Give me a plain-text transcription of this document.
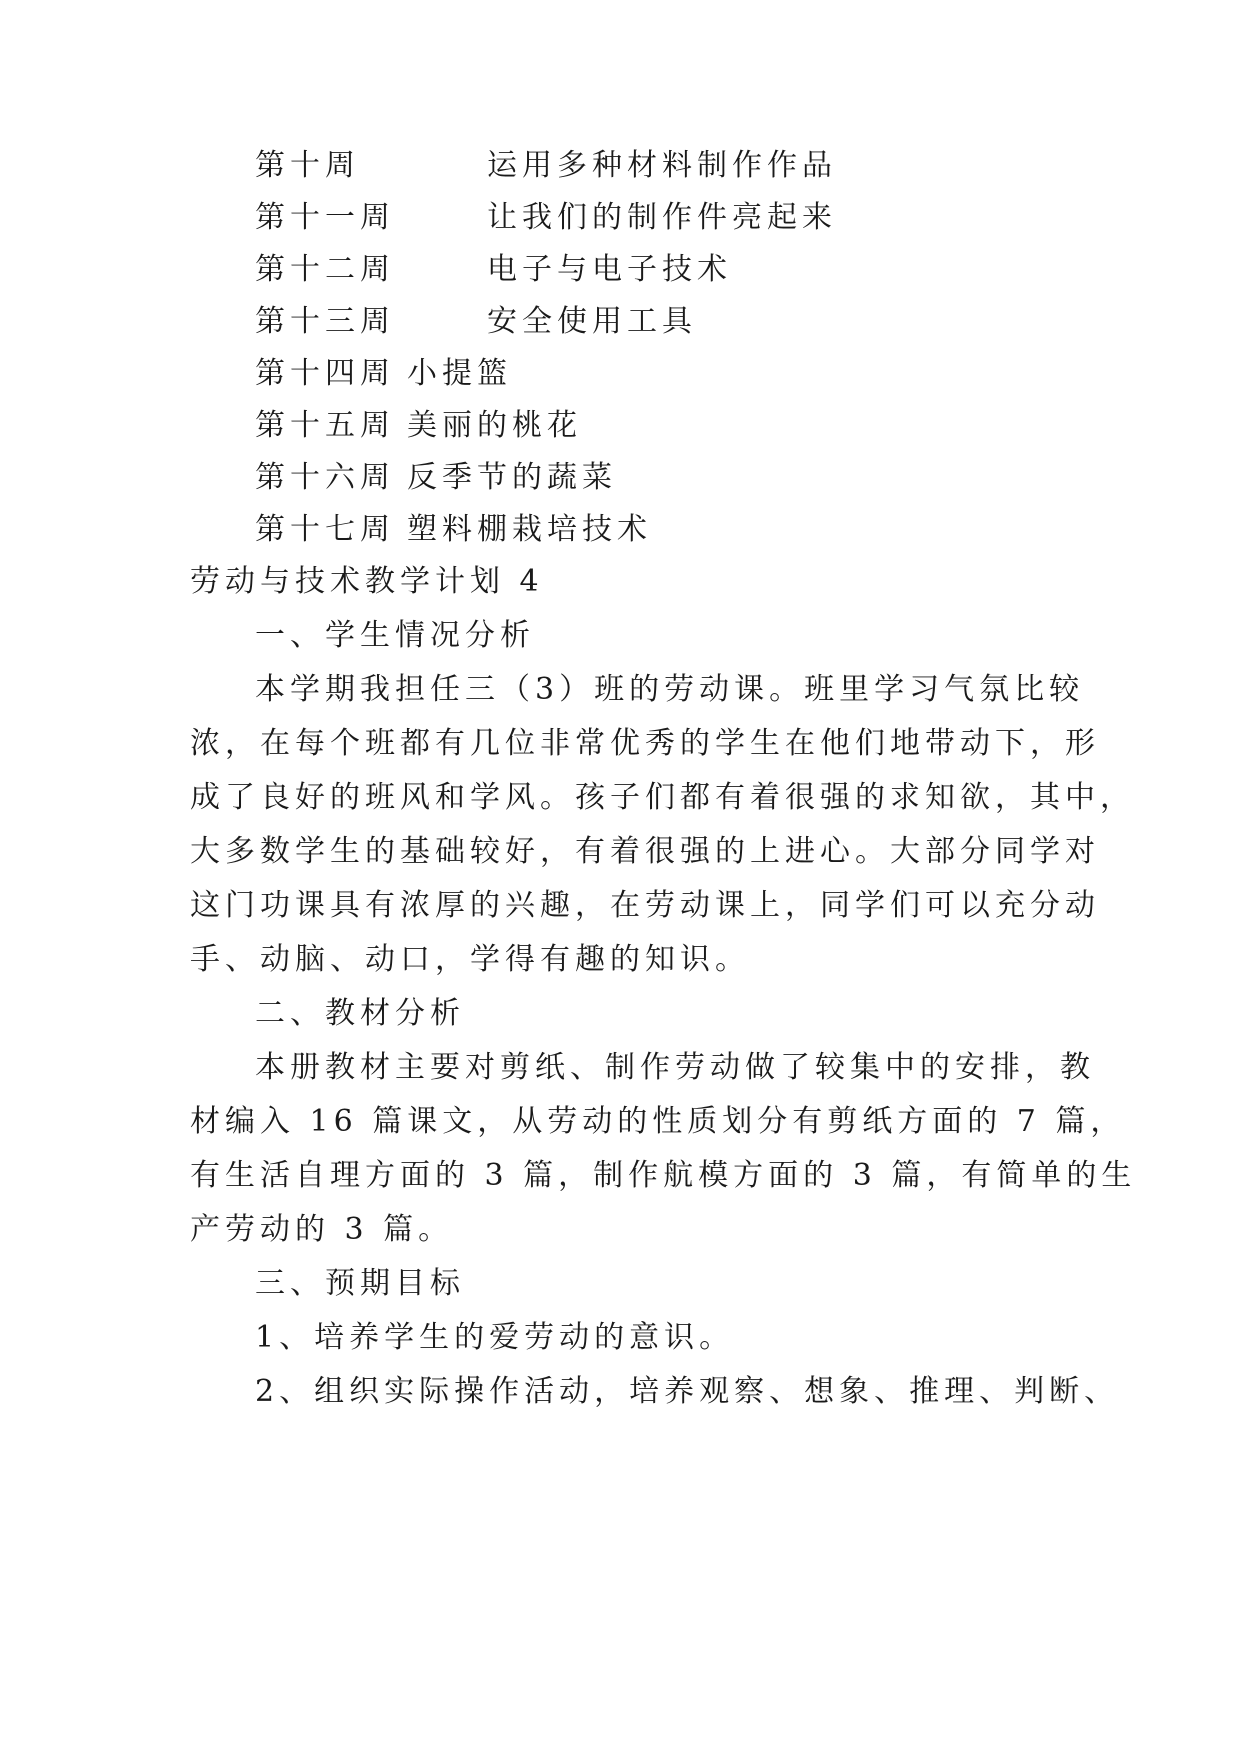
第十周	运用多种材料制作作品
第十一周	让我们的制作件亮起来
第十二周	电子与电子技术
第十三周	安全使用工具
第十四周 小提篮
第十五周 美丽的桃花
第十六周 反季节的蔬菜
第十七周 塑料棚栽培技术
劳动与技术教学计划 4
一、学生情况分析
本学期我担任三（3）班的劳动课。班里学习气氛比较
浓，在每个班都有几位非常优秀的学生在他们地带动下，形
成了良好的班风和学风。孩子们都有着很强的求知欲，其中，
大多数学生的基础较好，有着很强的上进心。大部分同学对
这门功课具有浓厚的兴趣，在劳动课上，同学们可以充分动
手、动脑、动口，学得有趣的知识。
二、教材分析
本册教材主要对剪纸、制作劳动做了较集中的安排，教
材编入 16 篇课文，从劳动的性质划分有剪纸方面的 7 篇，
有生活自理方面的 3 篇，制作航模方面的 3 篇，有简单的生
产劳动的 3 篇。
三、预期目标
1、培养学生的爱劳动的意识。
2、组织实际操作活动，培养观察、想象、推理、判断、
